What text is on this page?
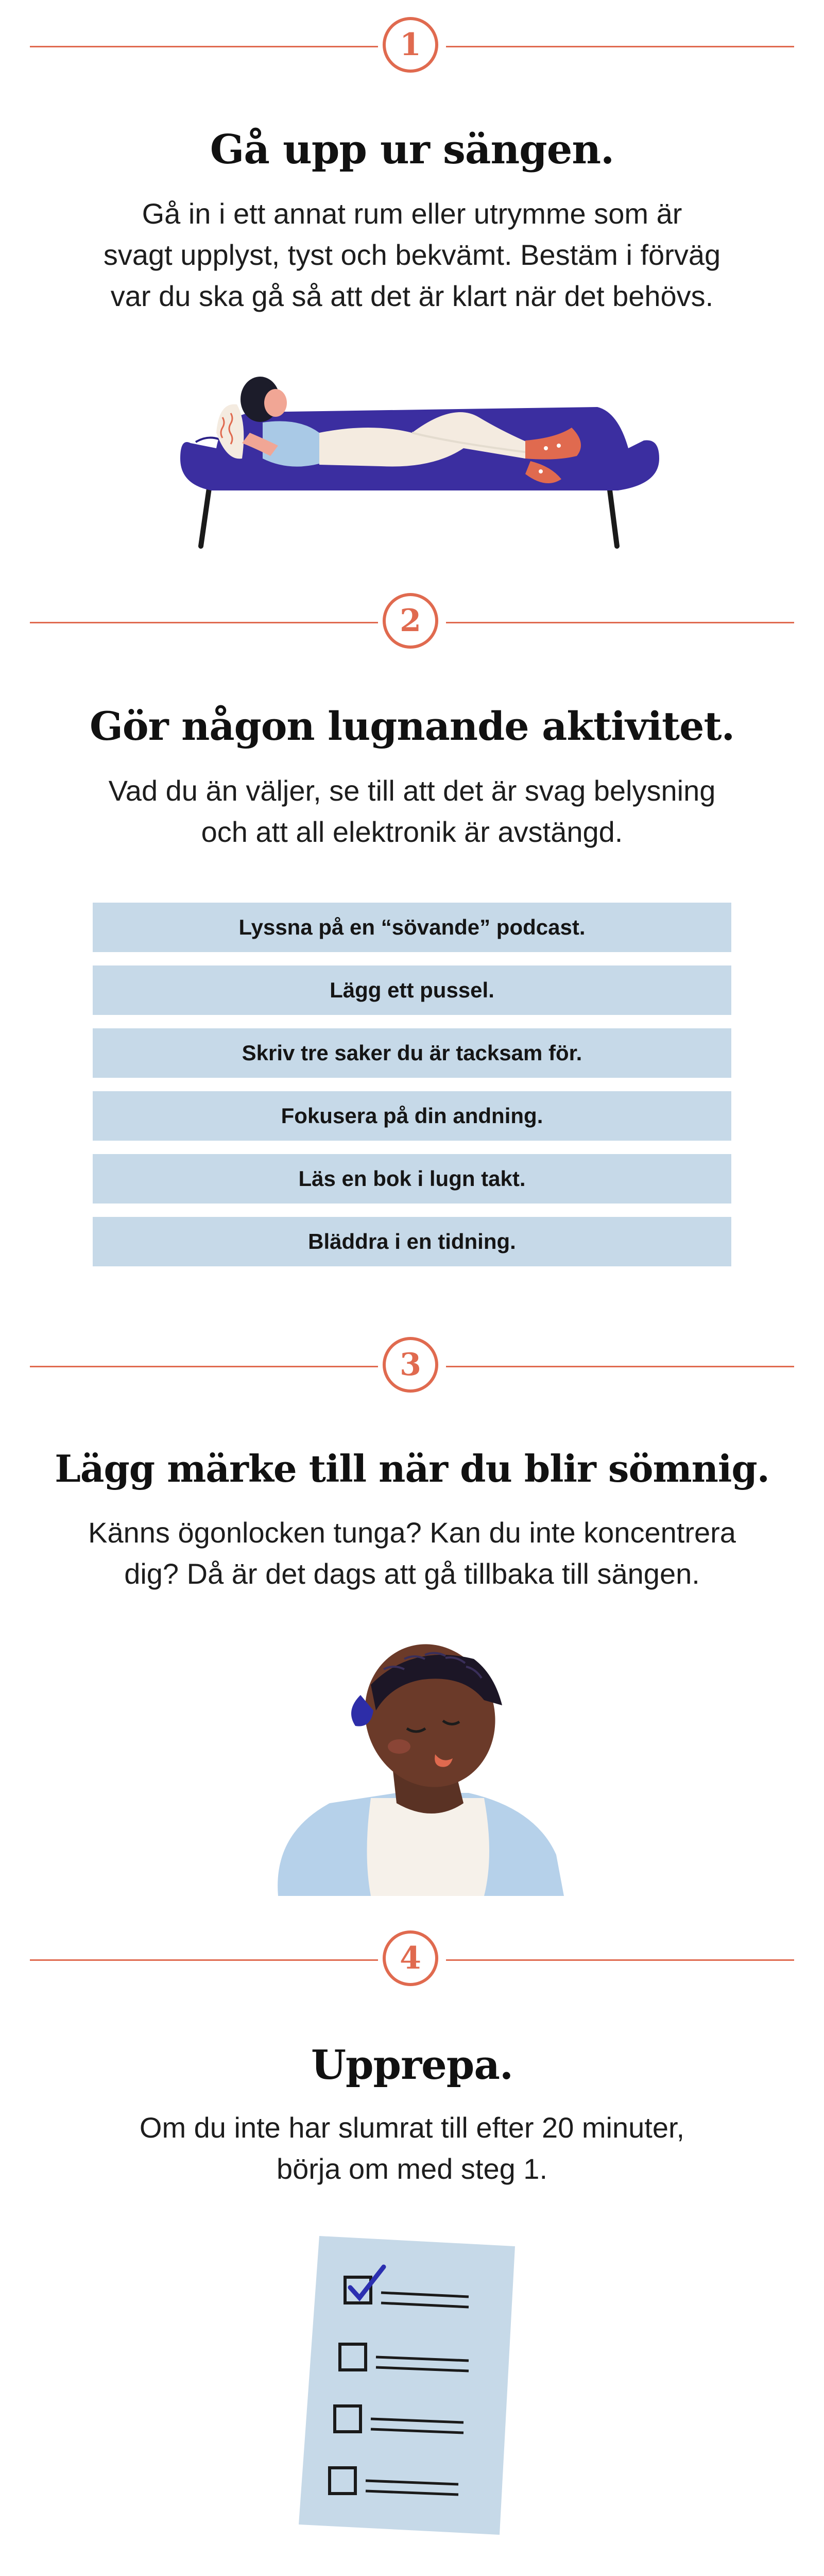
1
Gå upp ur sängen.
Gå in i ett annat rum eller utrymme som är
svagt upplyst, tyst och bekvämt. Bestäm i förväg
var du ska gå så att det är klart när det behövs.
2
Gör någon lugnande aktivitet.
Vad du än väljer, se till att det är svag belysning
och att all elektronik är avstängd.
Lyssna på en “sövande” podcast.
Lägg ett pussel.
Skriv tre saker du är tacksam för.
Fokusera på din andning.
Läs en bok i lugn takt.
Bläddra i en tidning.
3
Lägg märke till när du blir sömnig.
Känns ögonlocken tunga? Kan du inte koncentrera
dig? Då är det dags att gå tillbaka till sängen.
4
Upprepa.
Om du inte har slumrat till efter 20 minuter,
börja om med steg 1.
